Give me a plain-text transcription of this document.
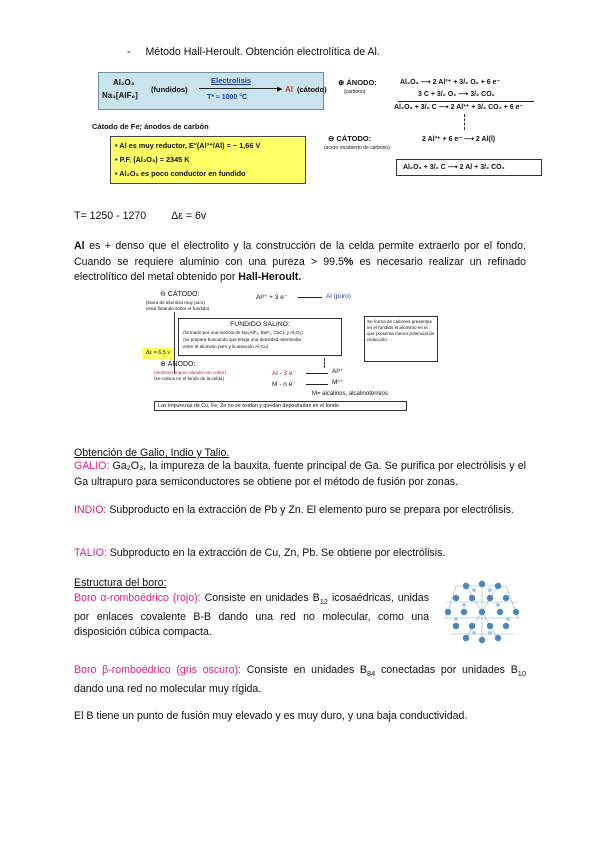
- Método Hall-Heroult. Obtención electrolítica de Al.
Al₂O₃
Na₃[AlF₆]
(fundidos)
Electrolisis
▶
T* ≈ 1000 °C
Al (cátodo)
Cátodo de Fe; ánodos de carbón
• Al es muy reductor, E°(Al³⁺/Al) = − 1,66 V
• P.F. (Al₂O₃) = 2345 K
• Al₂O₃ es poco conductor en fundido
⊕ ÁNODO:
(carbono)
Al₂O₃ ⟶ 2 Al³⁺ + 3/₂ O₂ + 6 e⁻
3 C + 3/₂ O₂ ⟶ 3/₂ CO₂
Al₂O₃ + 3/₂ C ⟶ 2 Al³⁺ + 3/₂ CO₂ + 6 e⁻
⊖ CÁTODO:
(acero recubierto de carbono)
2 Al³⁺ + 6 e⁻ ⟶ 2 Al(l)
Al₂O₃ + 3/₂ C ⟶ 2 Al + 3/₂ CO₂
T= 1250 - 1270 Δε = 6v
Al es + denso que el electrolito y la construcción de la celda permite extraerlo por el fondo. Cuando se requiere aluminio con una pureza > 99.5% es necesario realizar un refinado electrolítico del metal obtenido por Hall-Heroult.
⊖ CÁTODO:
(barra de aluminio muy puro)
(está flotando sobre el fundido)
Al³⁺ + 3 e⁻	Al (puro)
Δε = 6,5 v
FUNDIDO SALINO:
(formado por una mezcla de Na₃AlF₆, BaF₂, CaCl₂ y Al₂O₃)
(se prepara buscando que tenga una densidad intermedia
entre el aluminio puro y la aleación Al-Cu)
Se forma de cationes presentes en el fundido el aluminio es el que presenta menor potencial de reducción.
⊕ ÁNODO:
(aluminio impuro aleado con cobre)
(se coloca en el fondo de la celda)
Al - 3 e⁻	Al³⁺
M - n e⁻	Mⁿ⁺
M= alcalinos, alcalinotérreos
Las impurezas de Cu, Fe, Zn no se oxidan y quedan depositadas en el fondo
Obtención de Galio, Indio y Talio.
GALIO: Ga₂O₃, la impureza de la bauxita, fuente principal de Ga. Se purifica por electrólisis y el Ga ultrapuro para semiconductores se obtiene por el método de fusión por zonas.
INDIO: Subproducto en la extracción de Pb y Zn. El elemento puro se prepara por electrólisis.
TALIO: Subproducto en la extracción de Cu, Zn, Pb. Se obtiene por electrólisis.
Estructura del boro:
Boro α-romboédrico (rojo): Consiste en unidades $B_{12}$ icosaédricas, unidas por enlaces covalente B-B dando una red no molecular, como una disposición cúbica compacta.
Boro β-romboédrico (gris oscuro): Consiste en unidades $B_{84}$ conectadas por unidades $B_{10}$ dando una red no molecular muy rígida.
El B tiene un punto de fusión muy elevado y es muy duro, y una baja conductividad.
